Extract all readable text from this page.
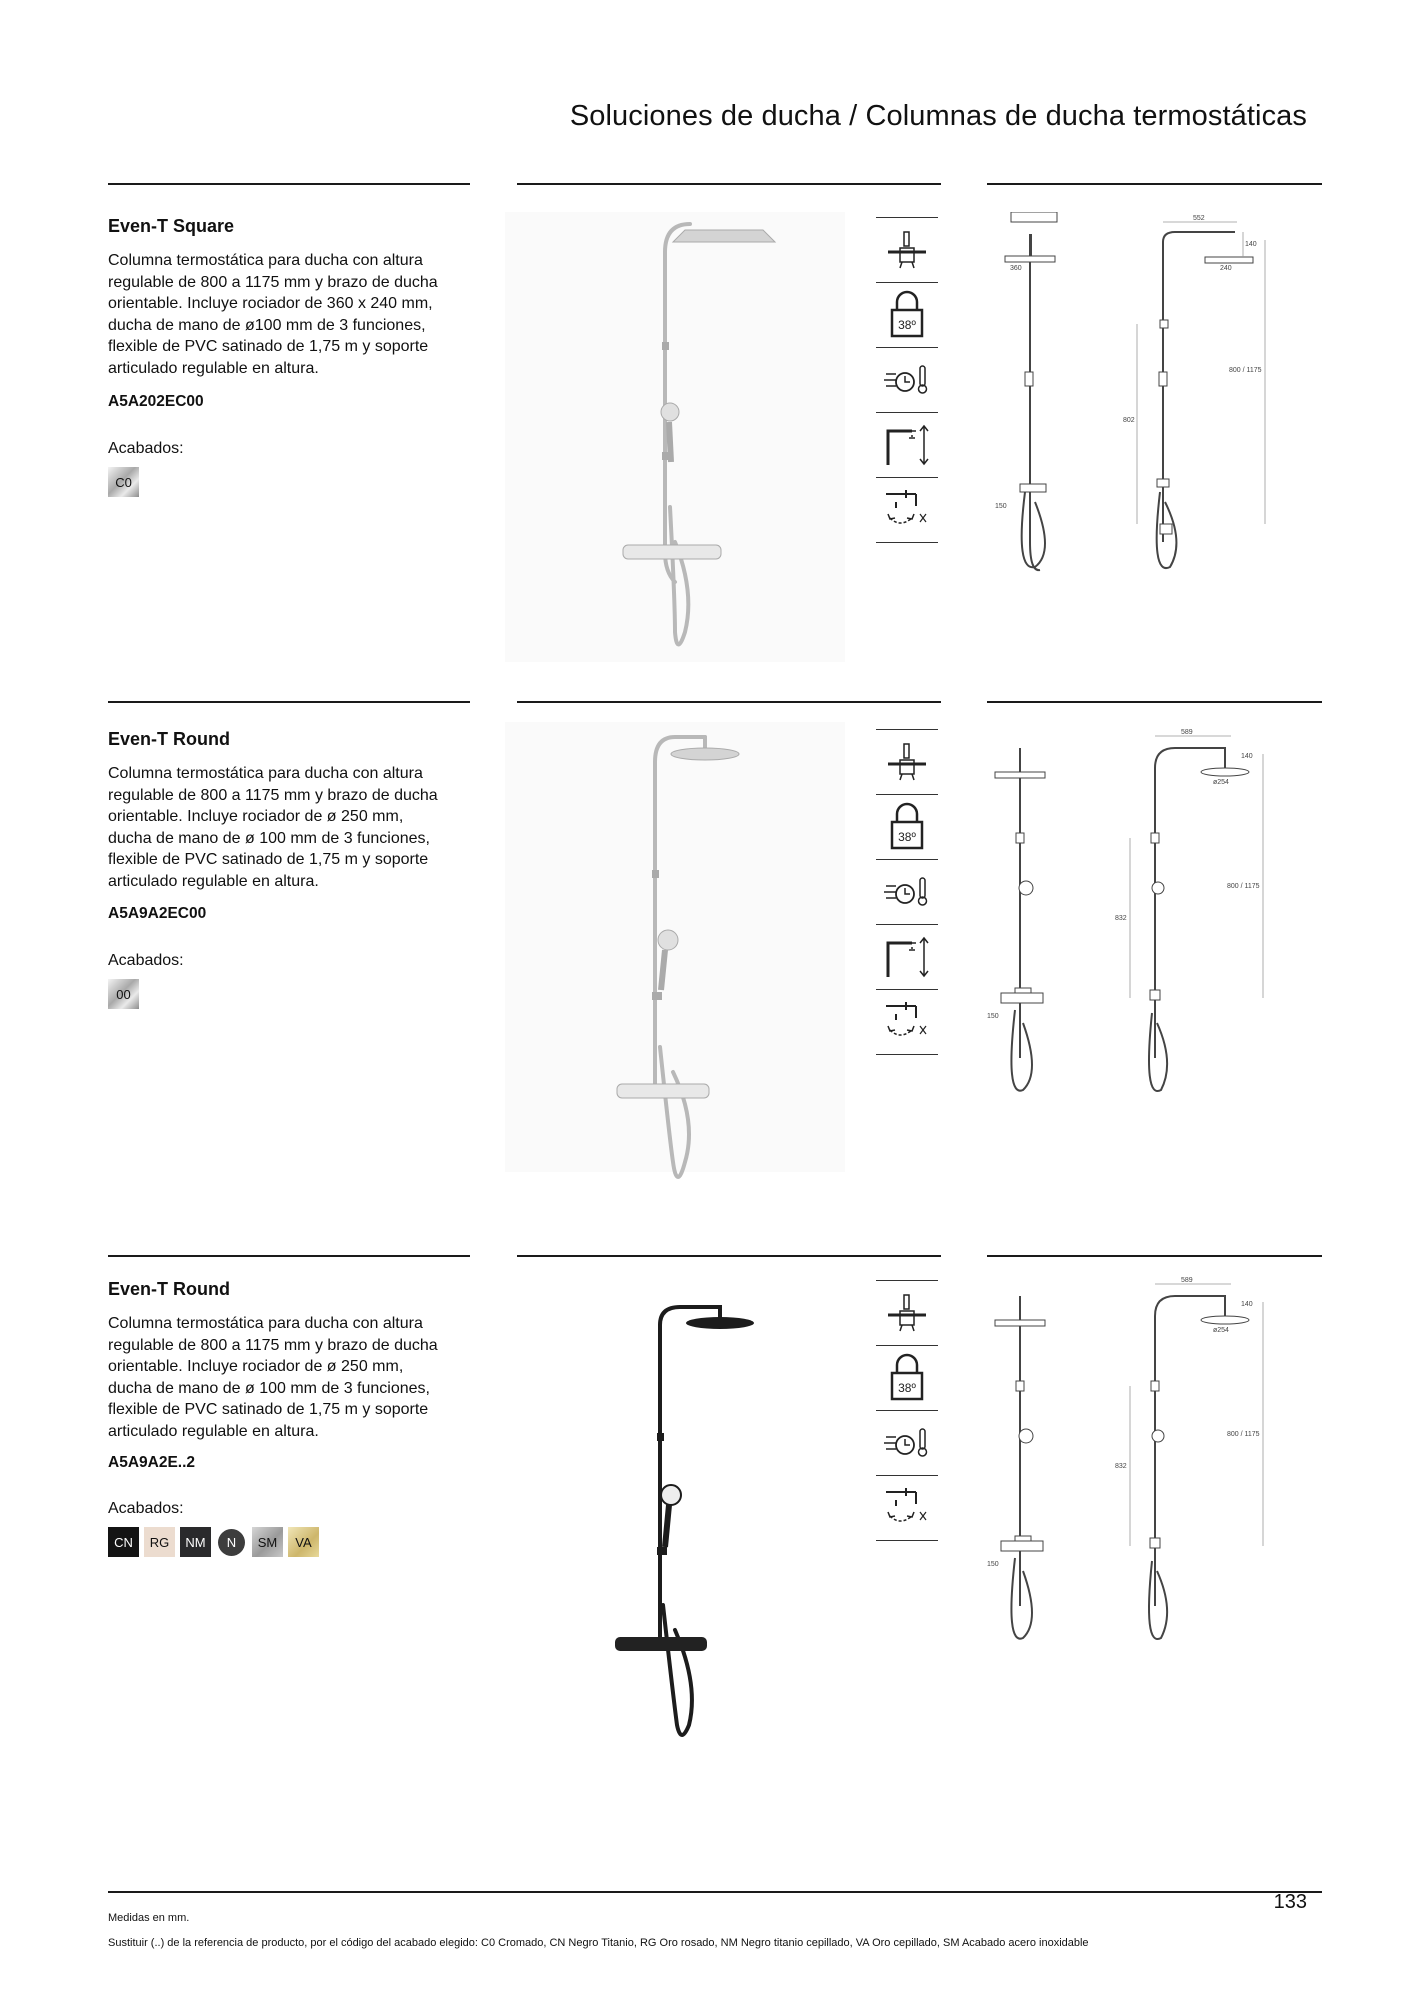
Soluciones de ducha / Columnas de ducha termostáticas
Even-T Square
Columna termostática para ducha con altura
regulable de 800 a 1175 mm y brazo de ducha
orientable. Incluye rociador de 360 x 240 mm,
ducha de mano de ø100 mm de 3 funciones,
flexible de PVC satinado de 1,75 m y soporte
articulado regulable en altura.
A5A202EC00
Acabados:
C0
38º
552
140
360	240
800 / 1175
802
150
Even-T Round
Columna termostática para ducha con altura
regulable de 800 a 1175 mm y brazo de ducha
orientable. Incluye rociador de ø 250 mm,
ducha de mano de ø 100 mm de 3 funciones,
flexible de PVC satinado de 1,75 m y soporte
articulado regulable en altura.
A5A9A2EC00
Acabados:
00
38º
589
140
ø254
800 / 1175
832
150
Even-T Round
Columna termostática para ducha con altura
regulable de 800 a 1175 mm y brazo de ducha
orientable. Incluye rociador de ø 250 mm,
ducha de mano de ø 100 mm de 3 funciones,
flexible de PVC satinado de 1,75 m y soporte
articulado regulable en altura.
A5A9A2E..2
Acabados:
CN	RG	NM	N	SM	VA
38º
589
140
ø254
800 / 1175
832
150
Medidas en mm.
Sustituir (..) de la referencia de producto, por el código del acabado elegido: C0 Cromado, CN Negro Titanio, RG Oro rosado, NM Negro titanio cepillado, VA Oro cepillado, SM Acabado acero inoxidable
133
